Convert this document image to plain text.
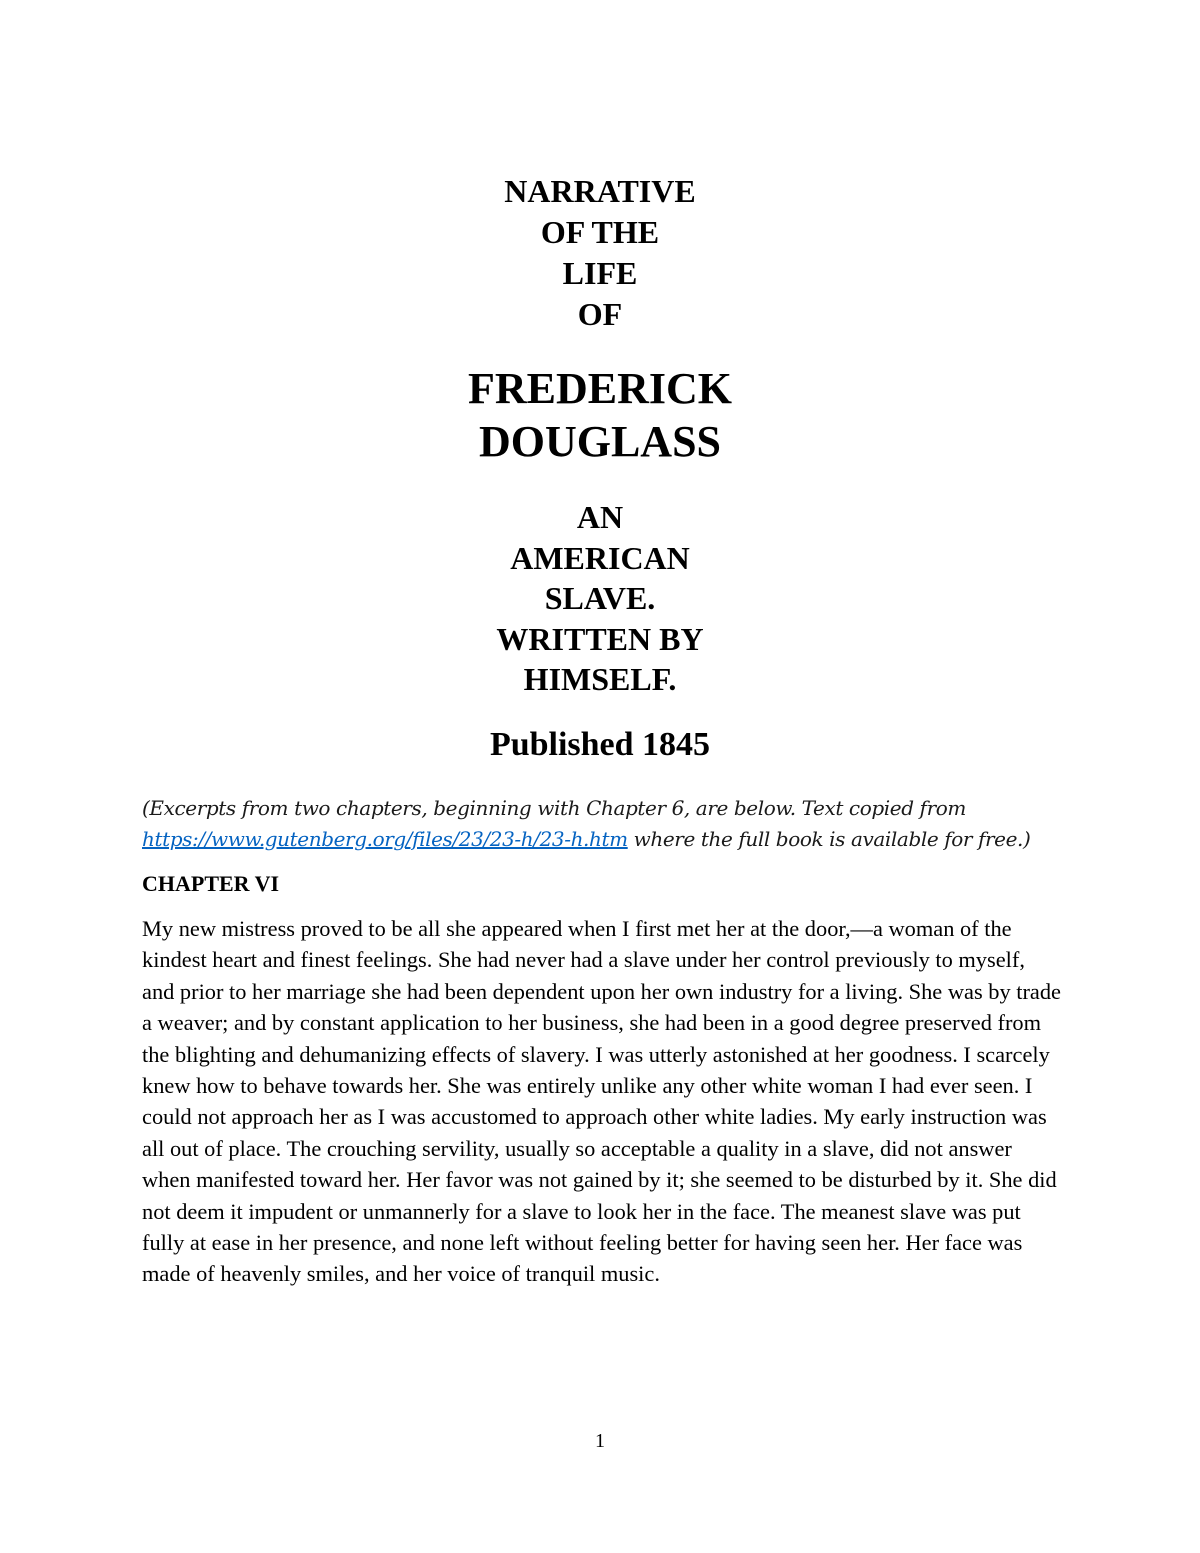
NARRATIVE
OF THE
LIFE
OF
FREDERICK
DOUGLASS
AN
AMERICAN
SLAVE.
WRITTEN BY
HIMSELF.
Published 1845
(Excerpts from two chapters, beginning with Chapter 6, are below. Text copied from https://www.gutenberg.org/files/23/23-h/23-h.htm where the full book is available for free.)
CHAPTER VI
My new mistress proved to be all she appeared when I first met her at the door,—a woman of the kindest heart and finest feelings. She had never had a slave under her control previously to myself, and prior to her marriage she had been dependent upon her own industry for a living. She was by trade a weaver; and by constant application to her business, she had been in a good degree preserved from the blighting and dehumanizing effects of slavery. I was utterly astonished at her goodness. I scarcely knew how to behave towards her. She was entirely unlike any other white woman I had ever seen. I could not approach her as I was accustomed to approach other white ladies. My early instruction was all out of place. The crouching servility, usually so acceptable a quality in a slave, did not answer when manifested toward her. Her favor was not gained by it; she seemed to be disturbed by it. She did not deem it impudent or unmannerly for a slave to look her in the face. The meanest slave was put fully at ease in her presence, and none left without feeling better for having seen her. Her face was made of heavenly smiles, and her voice of tranquil music.
1
